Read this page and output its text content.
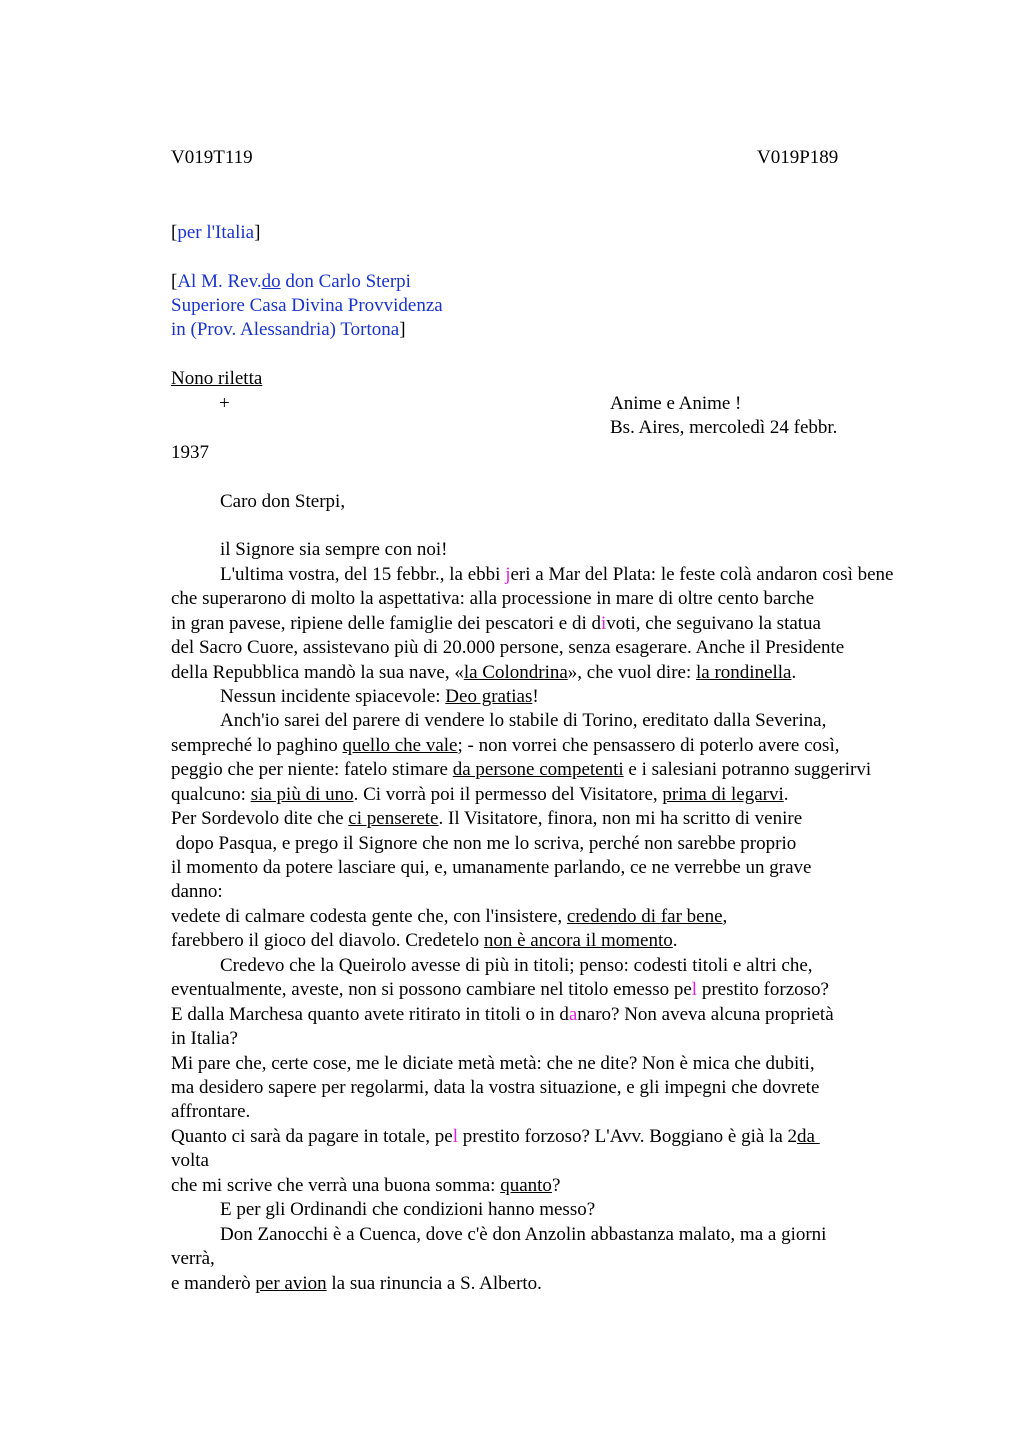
V019T119	V019P189
[per l'Italia]
[Al M. Rev.do don Carlo Sterpi
Superiore Casa Divina Provvidenza
in (Prov. Alessandria) Tortona]
Nono riletta
+	Anime e Anime !
Bs. Aires, mercoledì 24 febbr.
1937
Caro don Sterpi,
il Signore sia sempre con noi!
L'ultima vostra, del 15 febbr., la ebbi jeri a Mar del Plata: le feste colà andaron così bene
che superarono di molto la aspettativa: alla processione in mare di oltre cento barche
in gran pavese, ripiene delle famiglie dei pescatori e di divoti, che seguivano la statua
del Sacro Cuore, assistevano più di 20.000 persone, senza esagerare. Anche il Presidente
della Repubblica mandò la sua nave, «la Colondrina», che vuol dire: la rondinella.
Nessun incidente spiacevole: Deo gratias!
Anch'io sarei del parere di vendere lo stabile di Torino, ereditato dalla Severina,
sempreché lo paghino quello che vale; - non vorrei che pensassero di poterlo avere così,
peggio che per niente: fatelo stimare da persone competenti e i salesiani potranno suggerirvi
qualcuno: sia più di uno. Ci vorrà poi il permesso del Visitatore, prima di legarvi.
Per Sordevolo dite che ci penserete. Il Visitatore, finora, non mi ha scritto di venire
dopo Pasqua, e prego il Signore che non me lo scriva, perché non sarebbe proprio
il momento da potere lasciare qui, e, umanamente parlando, ce ne verrebbe un grave
danno:
vedete di calmare codesta gente che, con l'insistere, credendo di far bene,
farebbero il gioco del diavolo. Credetelo non è ancora il momento.
Credevo che la Queirolo avesse di più in titoli; penso: codesti titoli e altri che,
eventualmente, aveste, non si possono cambiare nel titolo emesso pel prestito forzoso?
E dalla Marchesa quanto avete ritirato in titoli o in danaro? Non aveva alcuna proprietà
in Italia?
Mi pare che, certe cose, me le diciate metà metà: che ne dite? Non è mica che dubiti,
ma desidero sapere per regolarmi, data la vostra situazione, e gli impegni che dovrete
affrontare.
Quanto ci sarà da pagare in totale, pel prestito forzoso? L'Avv. Boggiano è già la 2da
volta
che mi scrive che verrà una buona somma: quanto?
E per gli Ordinandi che condizioni hanno messo?
Don Zanocchi è a Cuenca, dove c'è don Anzolin abbastanza malato, ma a giorni
verrà,
e manderò per avion la sua rinuncia a S. Alberto.
